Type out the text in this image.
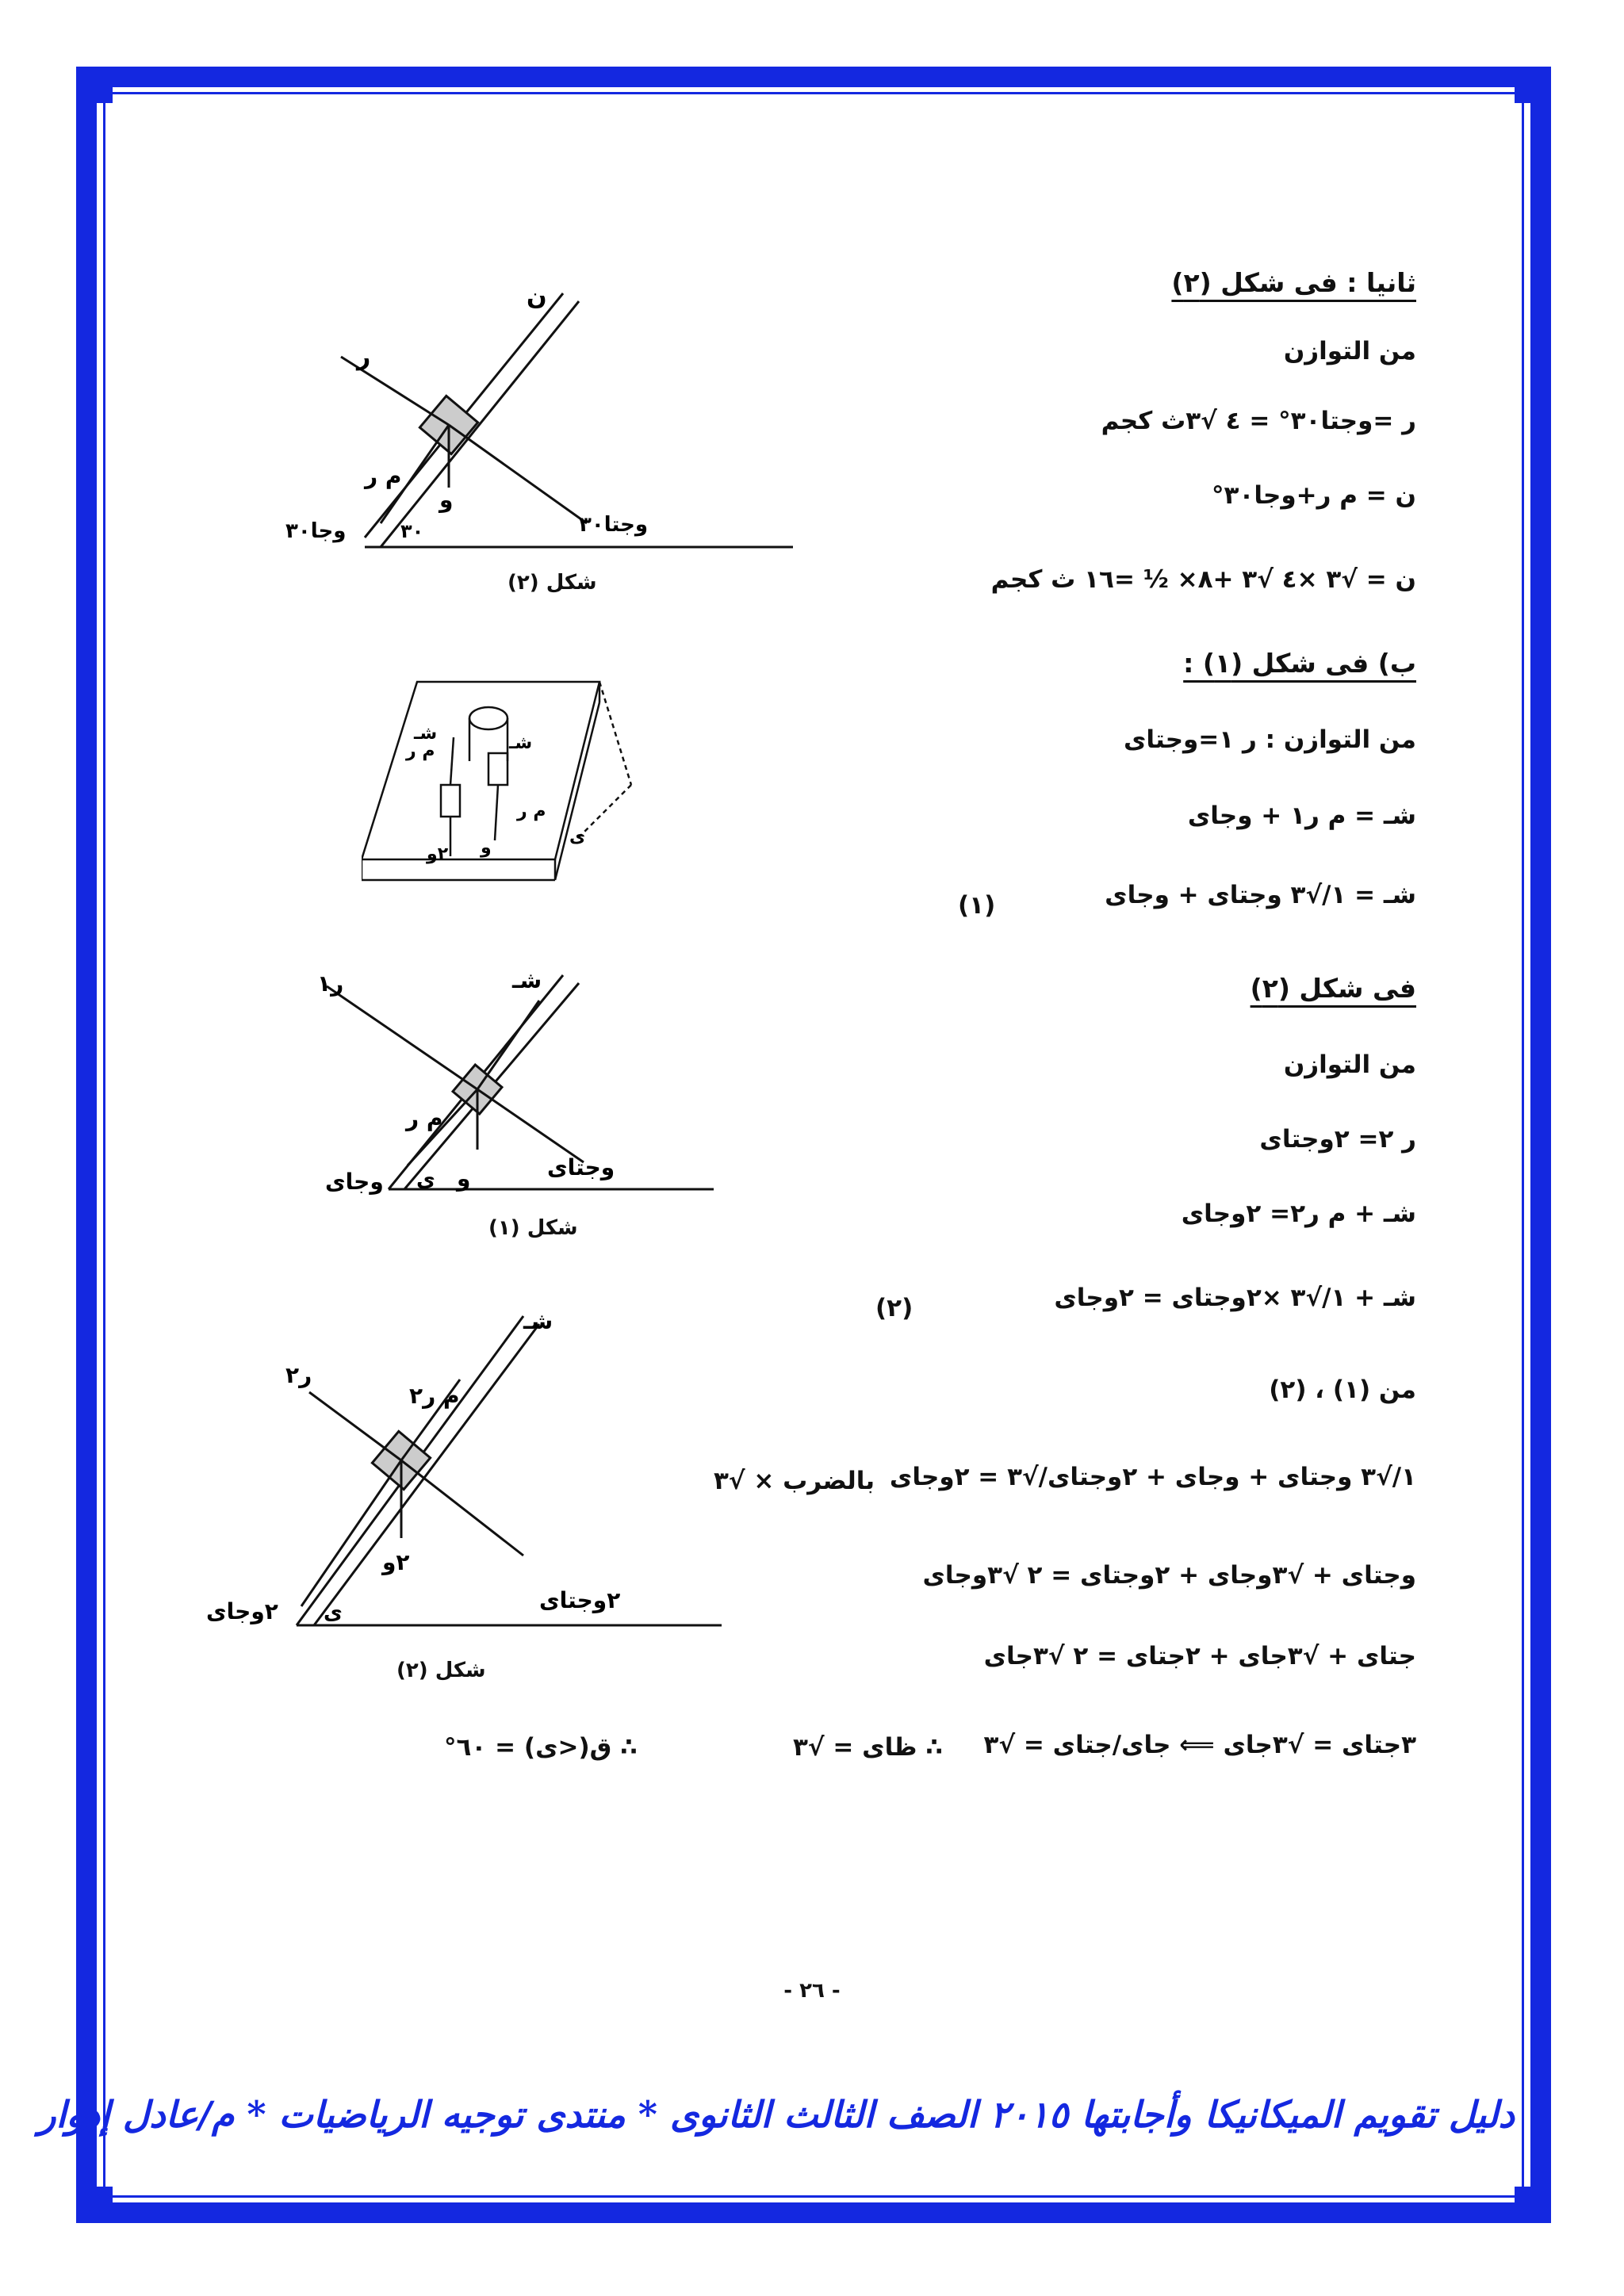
ثانيا : فى شكل (٢)
من التوازن
ر =وجتا٣٠° = ٤ √٣ث كجم
ن = م ر+وجا٣٠°
ن = √٣ ×٤ √٣ +٨× ½ =١٦ ث كجم
ب) فى شكل (١) :
من التوازن : ر ١=وجتاى
شـ = م ر١ + وجاى
شـ = ١/√٣ وجتاى + وجاى
فى شكل (٢)
من التوازن
ر ٢= ٢وجتاى
شـ + م ر٢= ٢وجاى
شـ + ١/√٣ ×٢وجتاى = ٢وجاى
من (١) ، (٢)
١/√٣ وجتاى + وجاى + ٢وجتاى/√٣ = ٢وجاى
وجتاى + √٣وجاى + ٢وجتاى = ٢ √٣وجاى
جتاى + √٣جاى + ٢جتاى = ٢ √٣جاى
٣جتاى = √٣جاى ⟸ جاى/جتاى = √٣
(١)
(٢)
بالضرب × √٣
∴ ظاى = √٣
∴ ق(<ى) = ٦٠°
ن
ر
م ر
و
وجا٣٠	٣٠	وجتا٣٠
شكل (٢)
شـ
م ر	شـ
م ر
٢و و
ى
ر١	شـ
م ر
وجاى	و
ى	وجتاى
شكل (١)
شـ
م ر٢
ر٢
٢و
٢وجاى ى	٢وجتاى
شكل (٢)
- ٢٦ -
دليل تقويم الميكانيكا وأجابتها ٢٠١٥ الصف الثالث الثانوى * منتدى توجيه الرياضيات * م/عادل إدوار
